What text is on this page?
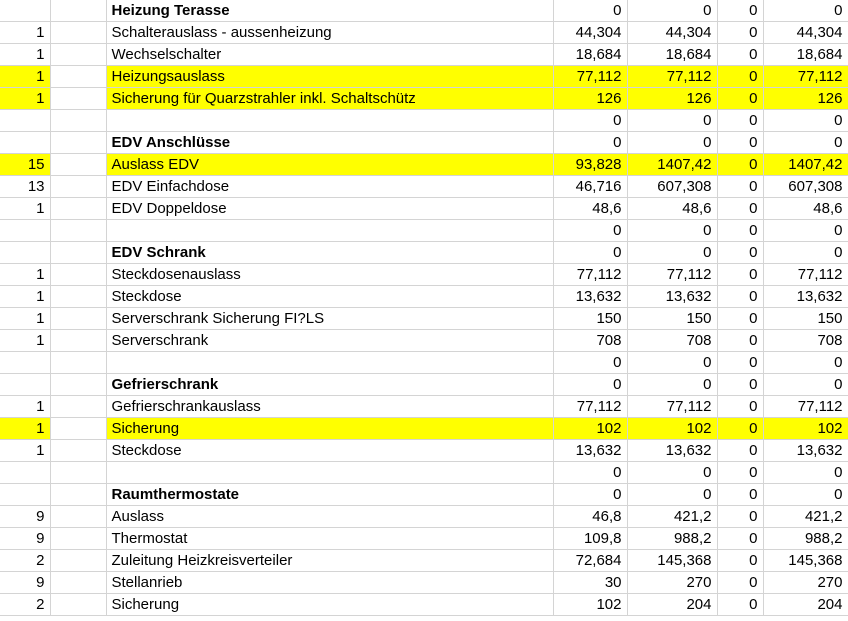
		Heizung Terasse	0	0	0	0
1		Schalterauslass - aussenheizung	44,304	44,304	0	44,304
1		Wechselschalter	18,684	18,684	0	18,684
1		Heizungsauslass	77,112	77,112	0	77,112
1		Sicherung für Quarzstrahler inkl. Schaltschütz	126	126	0	126
			0	0	0	0
		EDV Anschlüsse	0	0	0	0
15		Auslass EDV	93,828	1407,42	0	1407,42
13		EDV Einfachdose	46,716	607,308	0	607,308
1		EDV Doppeldose	48,6	48,6	0	48,6
			0	0	0	0
		EDV Schrank	0	0	0	0
1		Steckdosenauslass	77,112	77,112	0	77,112
1		Steckdose	13,632	13,632	0	13,632
1		Serverschrank Sicherung FI?LS	150	150	0	150
1		Serverschrank	708	708	0	708
			0	0	0	0
		Gefrierschrank	0	0	0	0
1		Gefrierschrankauslass	77,112	77,112	0	77,112
1		Sicherung	102	102	0	102
1		Steckdose	13,632	13,632	0	13,632
			0	0	0	0
		Raumthermostate	0	0	0	0
9		Auslass	46,8	421,2	0	421,2
9		Thermostat	109,8	988,2	0	988,2
2		Zuleitung Heizkreisverteiler	72,684	145,368	0	145,368
9		Stellanrieb	30	270	0	270
2		Sicherung	102	204	0	204
